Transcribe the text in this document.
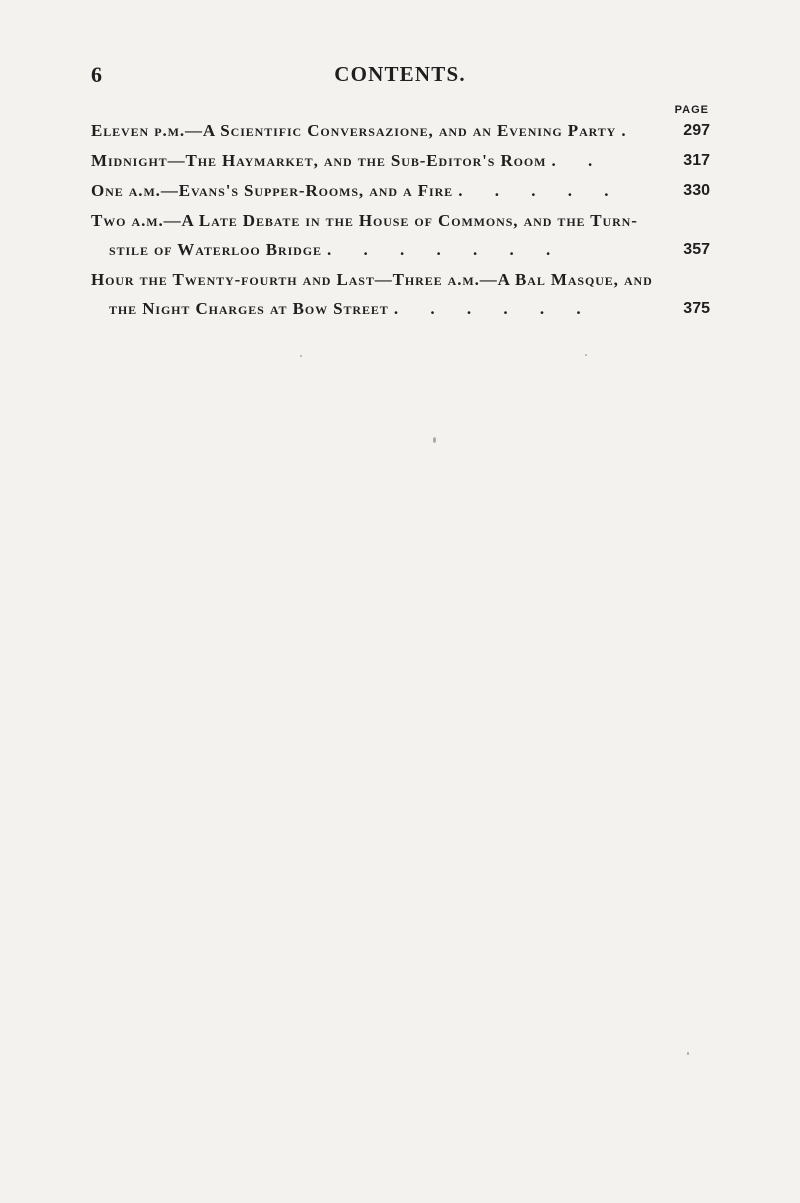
6	CONTENTS.
PAGE
Eleven p.m.—A Scientific Conversazione, and an Evening Party .	297
Midnight—The Haymarket, and the Sub-Editor's Room . .	317
One a.m.—Evans's Supper-Rooms, and a Fire . . . . .	330
Two a.m.—A Late Debate in the House of Commons, and the Turn-
stile of Waterloo Bridge . . . . . . .	357
Hour the Twenty-fourth and Last—Three a.m.—A Bal Masque, and
the Night Charges at Bow Street . . . . . .	375
